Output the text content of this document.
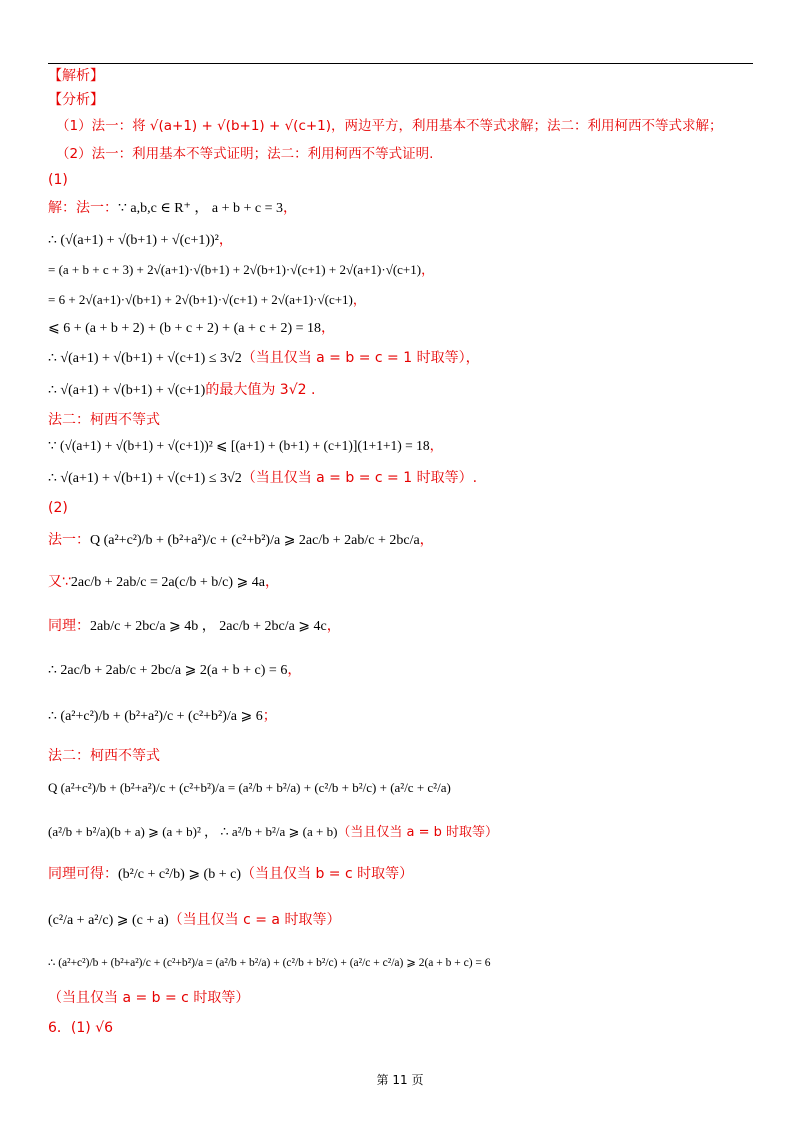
【解析】
【分析】
（1）法一：将 √(a+1) + √(b+1) + √(c+1)，两边平方，利用基本不等式求解；法二：利用柯西不等式求解；
（2）法一：利用基本不等式证明；法二：利用柯西不等式证明.
(1)
解：法一：∵ a,b,c ∈ R⁺ ， a + b + c = 3，
∴ (√(a+1) + √(b+1) + √(c+1))²，
= (a + b + c + 3) + 2√(a+1)·√(b+1) + 2√(b+1)·√(c+1) + 2√(a+1)·√(c+1)，
= 6 + 2√(a+1)·√(b+1) + 2√(b+1)·√(c+1) + 2√(a+1)·√(c+1)，
⩽ 6 + (a + b + 2) + (b + c + 2) + (a + c + 2) = 18，
∴ √(a+1) + √(b+1) + √(c+1) ≤ 3√2（当且仅当 a = b = c = 1 时取等），
∴ √(a+1) + √(b+1) + √(c+1)的最大值为 3√2 .
法二：柯西不等式
∵ (√(a+1) + √(b+1) + √(c+1))² ⩽ [(a+1) + (b+1) + (c+1)](1+1+1) = 18，
∴ √(a+1) + √(b+1) + √(c+1) ≤ 3√2（当且仅当 a = b = c = 1 时取等）.
(2)
法一：Q (a²+c²)/b + (b²+a²)/c + (c²+b²)/a ⩾ 2ac/b + 2ab/c + 2bc/a，
又∵2ac/b + 2ab/c = 2a(c/b + b/c) ⩾ 4a，
同理：2ab/c + 2bc/a ⩾ 4b ， 2ac/b + 2bc/a ⩾ 4c，
∴ 2ac/b + 2ab/c + 2bc/a ⩾ 2(a + b + c) = 6，
∴ (a²+c²)/b + (b²+a²)/c + (c²+b²)/a ⩾ 6；
法二：柯西不等式
Q (a²+c²)/b + (b²+a²)/c + (c²+b²)/a = (a²/b + b²/a) + (c²/b + b²/c) + (a²/c + c²/a)
(a²/b + b²/a)(b + a) ⩾ (a + b)² ， ∴ a²/b + b²/a ⩾ (a + b)（当且仅当 a = b 时取等）
同理可得：(b²/c + c²/b) ⩾ (b + c)（当且仅当 b = c 时取等）
(c²/a + a²/c) ⩾ (c + a)（当且仅当 c = a 时取等）
∴ (a²+c²)/b + (b²+a²)/c + (c²+b²)/a = (a²/b + b²/a) + (c²/b + b²/c) + (a²/c + c²/a) ⩾ 2(a + b + c) = 6
（当且仅当 a = b = c 时取等）
6．(1) √6
第 11 页
